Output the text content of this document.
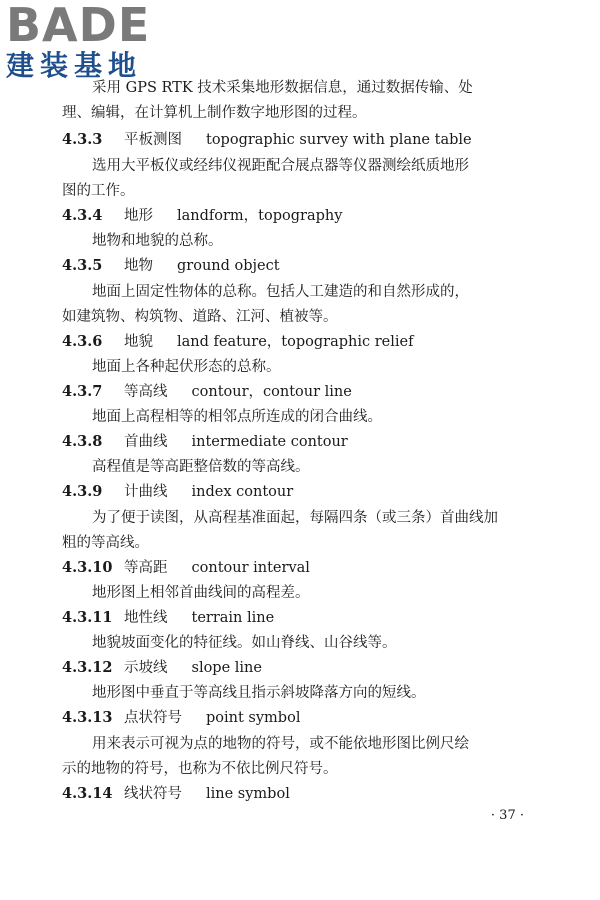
BADE
建装基地
采用 GPS RTK 技术采集地形数据信息，通过数据传输、处
理、编辑，在计算机上制作数字地形图的过程。
4.3.3 平板测图 topographic survey with plane table
选用大平板仪或经纬仪视距配合展点器等仪器测绘纸质地形
图的工作。
4.3.4 地形 landform，topography
地物和地貌的总称。
4.3.5 地物 ground object
地面上固定性物体的总称。包括人工建造的和自然形成的，
如建筑物、构筑物、道路、江河、植被等。
4.3.6 地貌 land feature，topographic relief
地面上各种起伏形态的总称。
4.3.7 等高线 contour，contour line
地面上高程相等的相邻点所连成的闭合曲线。
4.3.8 首曲线 intermediate contour
高程值是等高距整倍数的等高线。
4.3.9 计曲线 index contour
为了便于读图，从高程基准面起，每隔四条（或三条）首曲线加
粗的等高线。
4.3.10 等高距 contour interval
地形图上相邻首曲线间的高程差。
4.3.11 地性线 terrain line
地貌坡面变化的特征线。如山脊线、山谷线等。
4.3.12 示坡线 slope line
地形图中垂直于等高线且指示斜坡降落方向的短线。
4.3.13 点状符号 point symbol
用来表示可视为点的地物的符号，或不能依地形图比例尺绘
示的地物的符号，也称为不依比例尺符号。
4.3.14 线状符号 line symbol
· 37 ·
